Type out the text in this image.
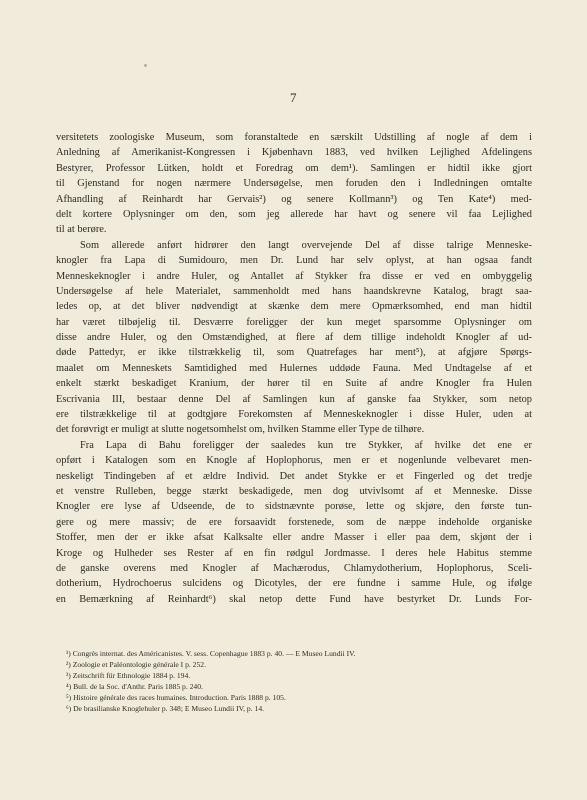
7
versitetets zoologiske Museum, som foranstaltede en særskilt Udstilling af nogle af dem i
Anledning af Amerikanist-Kongressen i Kjøbenhavn 1883, ved hvilken Lejlighed Afdelingens
Bestyrer, Professor Lütken, holdt et Foredrag om dem¹). Samlingen er hidtil ikke gjort
til Gjenstand for nogen nærmere Undersøgelse, men foruden den i Indledningen omtalte
Afhandling af Reinhardt har Gervais²) og senere Kollmann³) og Ten Kate⁴) med-
delt kortere Oplysninger om den, som jeg allerede har havt og senere vil faa Lejlighed
til at berøre.
Som allerede anført hidrører den langt overvejende Del af disse talrige Menneske-
knogler fra Lapa di Sumidouro, men Dr. Lund har selv oplyst, at han ogsaa fandt
Menneskeknogler i andre Huler, og Antallet af Stykker fra disse er ved en ombyggelig
Undersøgelse af hele Materialet, sammenholdt med hans haandskrevne Katalog, bragt saa-
ledes op, at det bliver nødvendigt at skænke dem mere Opmærksomhed, end man hidtil
har været tilbøjelig til. Desværre foreligger der kun meget sparsomme Oplysninger om
disse andre Huler, og den Omstændighed, at flere af dem tillige indeholdt Knogler af ud-
døde Pattedyr, er ikke tilstrækkelig til, som Quatrefages har ment⁵), at afgjøre Spørgs-
maalet om Menneskets Samtidighed med Hulernes uddøde Fauna. Med Undtagelse af et
enkelt stærkt beskadiget Kranium, der hører til en Suite af andre Knogler fra Hulen
Escrivania III, bestaar denne Del af Samlingen kun af ganske faa Stykker, som netop
ere tilstrækkelige til at godtgjøre Forekomsten af Menneskeknogler i disse Huler, uden at
det forøvrigt er muligt at slutte nogetsomhelst om, hvilken Stamme eller Type de tilhøre.
Fra Lapa di Bahu foreligger der saaledes kun tre Stykker, af hvilke det ene er
opført i Katalogen som en Knogle af Hoplophorus, men er et nogenlunde velbevaret men-
neskeligt Tindingeben af et ældre Individ. Det andet Stykke er et Fingerled og det tredje
et venstre Rulleben, begge stærkt beskadigede, men dog utvivlsomt af et Menneske. Disse
Knogler ere lyse af Udseende, de to sidstnævnte porøse, lette og skjøre, den første tun-
gere og mere massiv; de ere forsaavidt forstenede, som de næppe indeholde organiske
Stoffer, men der er ikke afsat Kalksalte eller andre Masser i eller paa dem, skjønt der i
Kroge og Hulheder ses Rester af en fin rødgul Jordmasse. I deres hele Habitus stemme
de ganske overens med Knogler af Machærodus, Chlamydotherium, Hoplophorus, Sceli-
dotherium, Hydrochoerus sulcidens og Dicotyles, der ere fundne i samme Hule, og ifølge
en Bemærkning af Reinhardt⁶) skal netop dette Fund have bestyrket Dr. Lunds For-
¹) Congrès internat. des Américanistes. V. sess. Copenhague 1883 p. 40. — E Museo Lundii IV.
²) Zoologie et Paléontologie générale I p. 252.
³) Zeitschrift für Ethnologie 1884 p. 194.
⁴) Bull. de la Soc. d'Anthr. Paris 1885 p. 240.
⁵) Histoire générale des races humaines. Introduction. Paris 1888 p. 105.
⁶) De brasilianske Knoglehuler p. 348; E Museo Lundii IV, p. 14.
